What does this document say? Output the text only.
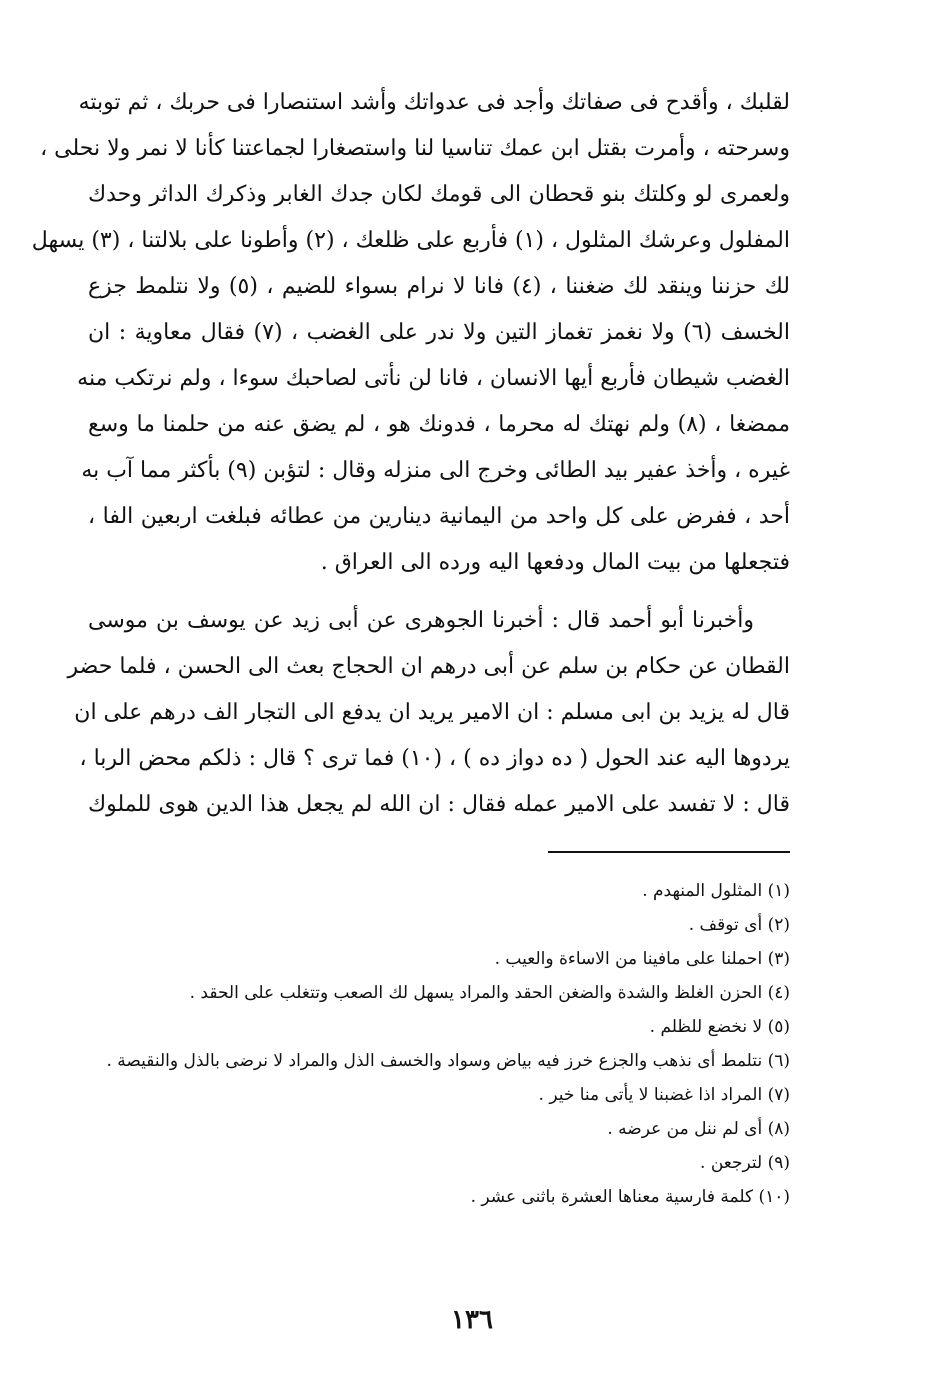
لقلبك ، وأقدح فى صفاتك وأجد فى عدواتك وأشد استنصارا فى حربك ، ثم توبته
وسرحته ، وأمرت بقتل ابن عمك تناسيا لنا واستصغارا لجماعتنا كأنا لا نمر ولا نحلى ،
ولعمرى لو وكلتك بنو قحطان الى قومك لكان جدك الغابر وذكرك الداثر وحدك
المفلول وعرشك المثلول ، (١) فأربع على ظلعك ، (٢) وأطونا على بلالتنا ، (٣) يسهل
لك حزننا وينقد لك ضغننا ، (٤) فانا لا نرام بسواء للضيم ، (٥) ولا نتلمط جزع
الخسف (٦) ولا نغمز تغماز التين ولا ندر على الغضب ، (٧) فقال معاوية : ان
الغضب شيطان فأربع أيها الانسان ، فانا لن نأتى لصاحبك سوءا ، ولم نرتكب منه
ممضغا ، (٨) ولم نهتك له محرما ، فدونك هو ، لم يضق عنه من حلمنا ما وسع
غيره ، وأخذ عفير بيد الطائى وخرج الى منزله وقال : لتؤبن (٩) بأكثر مما آب به
أحد ، ففرض على كل واحد من اليمانية دينارين من عطائه فبلغت اربعين الفا ،
فتجعلها من بيت المال ودفعها اليه ورده الى العراق .
وأخبرنا أبو أحمد قال : أخبرنا الجوهرى عن أبى زيد عن يوسف بن موسى
القطان عن حكام بن سلم عن أبى درهم ان الحجاج بعث الى الحسن ، فلما حضر
قال له يزيد بن ابى مسلم : ان الامير يريد ان يدفع الى التجار الف درهم على ان
يردوها اليه عند الحول ( ده دواز ده ) ، (١٠) فما ترى ؟ قال : ذلكم محض الربا ،
قال : لا تفسد على الامير عمله فقال : ان الله لم يجعل هذا الدين هوى للملوك
(١) المثلول المنهدم .
(٢) أى توقف .
(٣) احملنا على مافينا من الاساءة والعيب .
(٤) الحزن الغلظ والشدة والضغن الحقد والمراد يسهل لك الصعب وتتغلب على الحقد .
(٥) لا نخضع للظلم .
(٦) نتلمط أى نذهب والجزع خرز فيه بياض وسواد والخسف الذل والمراد لا نرضى بالذل والنقيصة .
(٧) المراد اذا غضبنا لا يأتى منا خير .
(٨) أى لم ننل من عرضه .
(٩) لترجعن .
(١٠) كلمة فارسية معناها العشرة باثنى عشر .
١٣٦
